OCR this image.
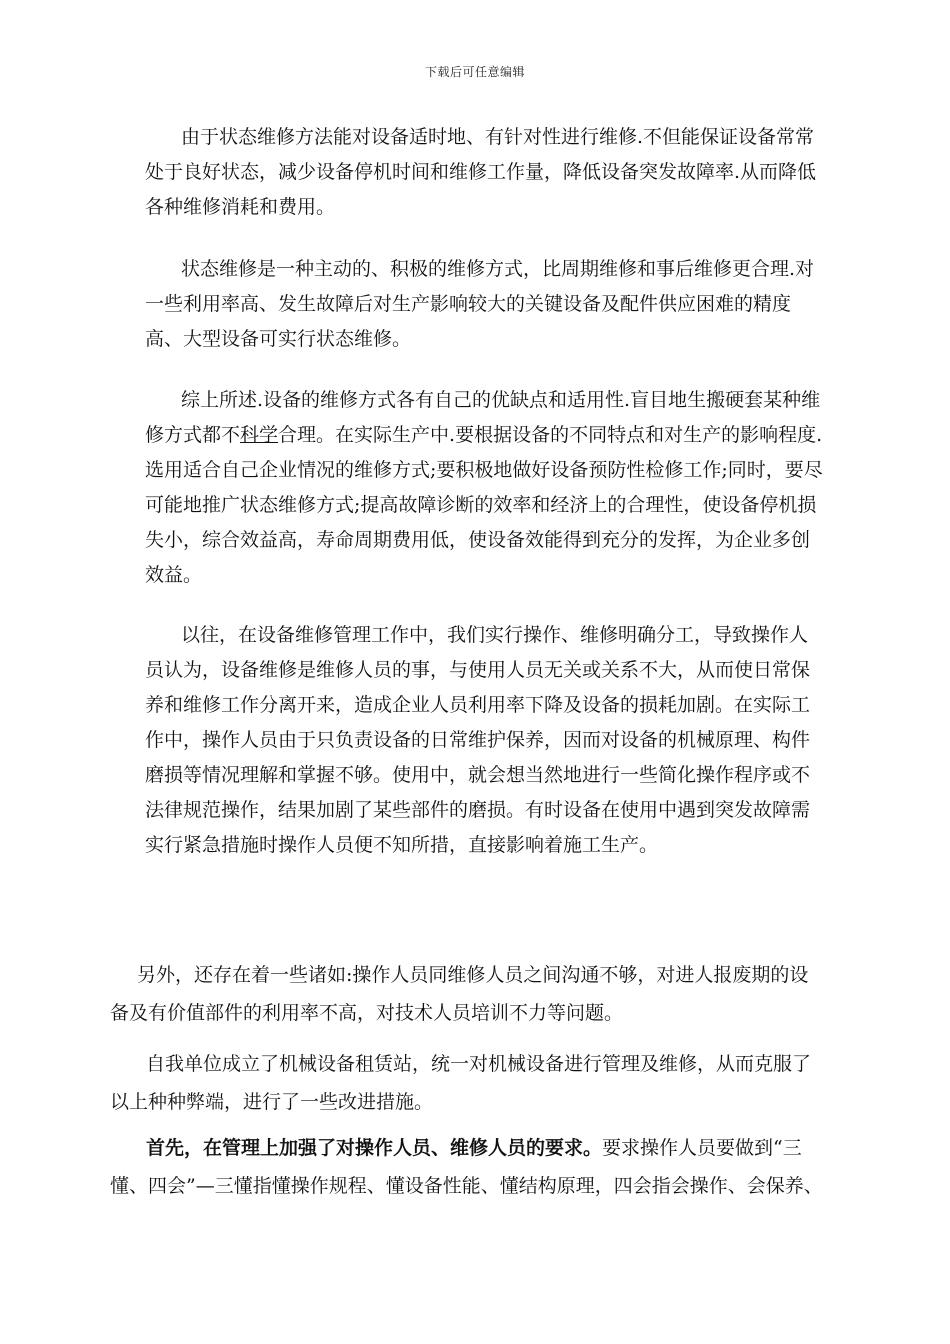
下载后可任意编辑

由于状态维修方法能对设备适时地、有针对性进行维修.不但能保证设备常常处于良好状态，减少设备停机时间和维修工作量，降低设备突发故障率.从而降低各种维修消耗和费用。

状态维修是一种主动的、积极的维修方式，比周期维修和事后维修更合理.对一些利用率高、发生故障后对生产影响较大的关键设备及配件供应困难的精度高、大型设备可实行状态维修。

综上所述.设备的维修方式各有自己的优缺点和适用性.盲目地生搬硬套某种维修方式都不科学合理。在实际生产中.要根据设备的不同特点和对生产的影响程度.选用适合自己企业情况的维修方式;要积极地做好设备预防性检修工作;同时，要尽可能地推广状态维修方式;提高故障诊断的效率和经济上的合理性，使设备停机损失小，综合效益高，寿命周期费用低，使设备效能得到充分的发挥，为企业多创效益。

以往，在设备维修管理工作中，我们实行操作、维修明确分工，导致操作人员认为，设备维修是维修人员的事，与使用人员无关或关系不大，从而使日常保养和维修工作分离开来，造成企业人员利用率下降及设备的损耗加剧。在实际工作中，操作人员由于只负责设备的日常维护保养，因而对设备的机械原理、构件磨损等情况理解和掌握不够。使用中，就会想当然地进行一些简化操作程序或不法律规范操作，结果加剧了某些部件的磨损。有时设备在使用中遇到突发故障需实行紧急措施时操作人员便不知所措，直接影响着施工生产。

另外，还存在着一些诸如:操作人员同维修人员之间沟通不够，对进人报废期的设备及有价值部件的利用率不高，对技术人员培训不力等问题。

自我单位成立了机械设备租赁站，统一对机械设备进行管理及维修，从而克服了以上种种弊端，进行了一些改进措施。

首先，在管理上加强了对操作人员、维修人员的要求。要求操作人员要做到“三懂、四会”—三懂指懂操作规程、懂设备性能、懂结构原理，四会指会操作、会保养、
